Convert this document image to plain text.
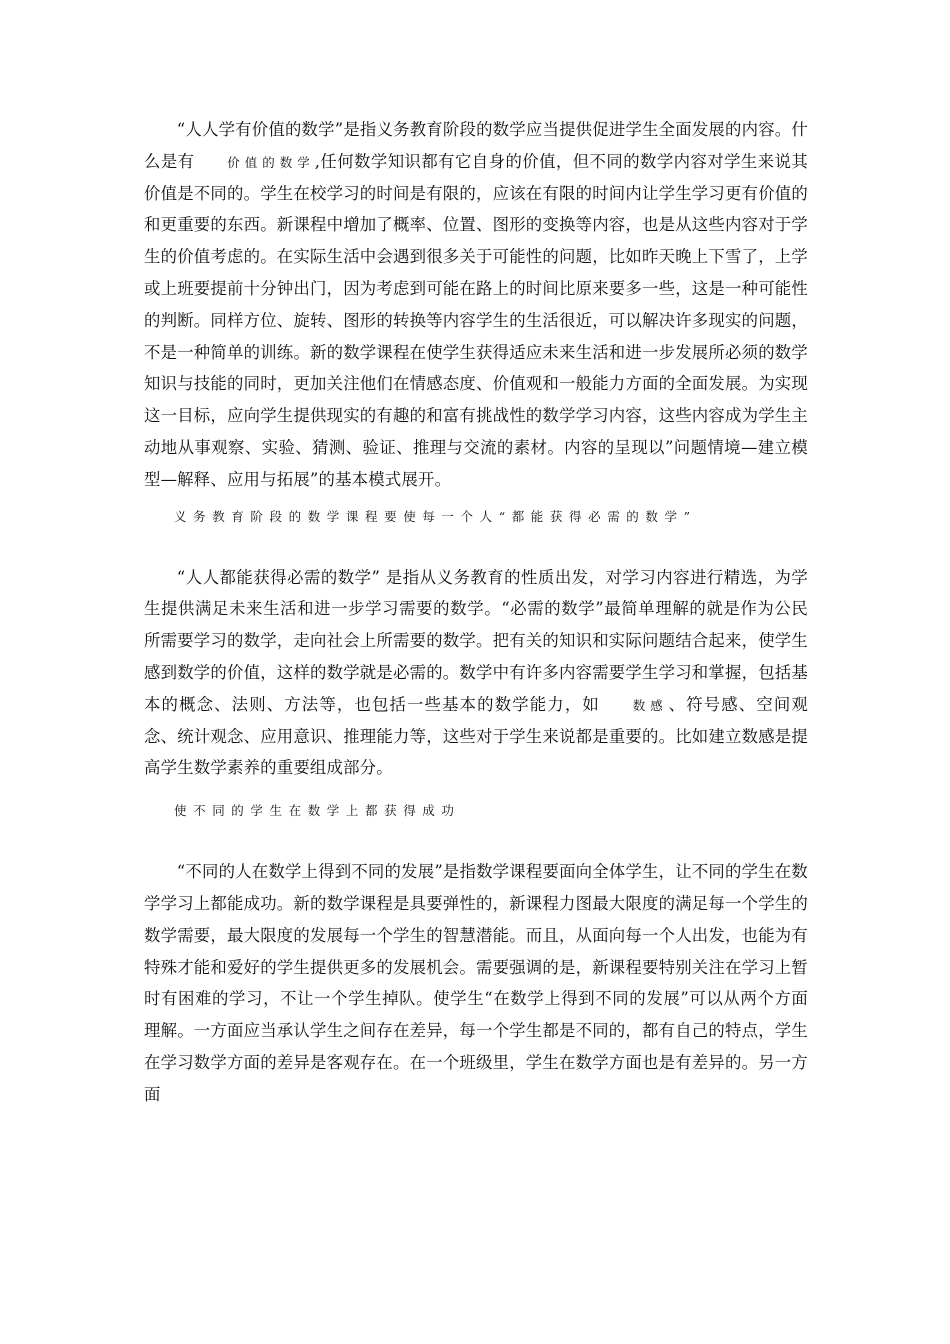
“人人学有价值的数学”是指义务教育阶段的数学应当提供促进学生全面发展的内容。什么是有	价值的数学,任何数学知识都有它自身的价值，但不同的数学内容对学生来说其价值是不同的。学生在校学习的时间是有限的，应该在有限的时间内让学生学习更有价值的和更重要的东西。新课程中增加了概率、位置、图形的变换等内容，也是从这些内容对于学生的价值考虑的。在实际生活中会遇到很多关于可能性的问题，比如昨天晚上下雪了，上学或上班要提前十分钟出门，因为考虑到可能在路上的时间比原来要多一些，这是一种可能性的判断。同样方位、旋转、图形的转换等内容学生的生活很近，可以解决许多现实的问题，不是一种简单的训练。新的数学课程在使学生获得适应未来生活和进一步发展所必须的数学知识与技能的同时，更加关注他们在情感态度、价值观和一般能力方面的全面发展。为实现这一目标，应向学生提供现实的有趣的和富有挑战性的数学学习内容，这些内容成为学生主动地从事观察、实验、猜测、验证、推理与交流的素材。内容的呈现以”问题情境—建立模型—解释、应用与拓展”的基本模式展开。

义务教育阶段的数学课程要使每一个人“都能获得必需的数学”

“人人都能获得必需的数学” 是指从义务教育的性质出发，对学习内容进行精选，为学生提供满足未来生活和进一步学习需要的数学。“必需的数学”最简单理解的就是作为公民所需要学习的数学，走向社会上所需要的数学。把有关的知识和实际问题结合起来，使学生感到数学的价值，这样的数学就是必需的。数学中有许多内容需要学生学习和掌握，包括基本的概念、法则、方法等，也包括一些基本的数学能力，如	数感、符号感、空间观念、统计观念、应用意识、推理能力等，这些对于学生来说都是重要的。比如建立数感是提高学生数学素养的重要组成部分。

使不同的学生在数学上都获得成功

“不同的人在数学上得到不同的发展”是指数学课程要面向全体学生，让不同的学生在数学学习上都能成功。新的数学课程是具要弹性的，新课程力图最大限度的满足每一个学生的数学需要，最大限度的发展每一个学生的智慧潜能。而且，从面向每一个人出发，也能为有特殊才能和爱好的学生提供更多的发展机会。需要强调的是，新课程要特别关注在学习上暂时有困难的学习，不让一个学生掉队。使学生“在数学上得到不同的发展”可以从两个方面理解。一方面应当承认学生之间存在差异，每一个学生都是不同的，都有自己的特点，学生在学习数学方面的差异是客观存在。在一个班级里，学生在数学方面也是有差异的。另一方面
